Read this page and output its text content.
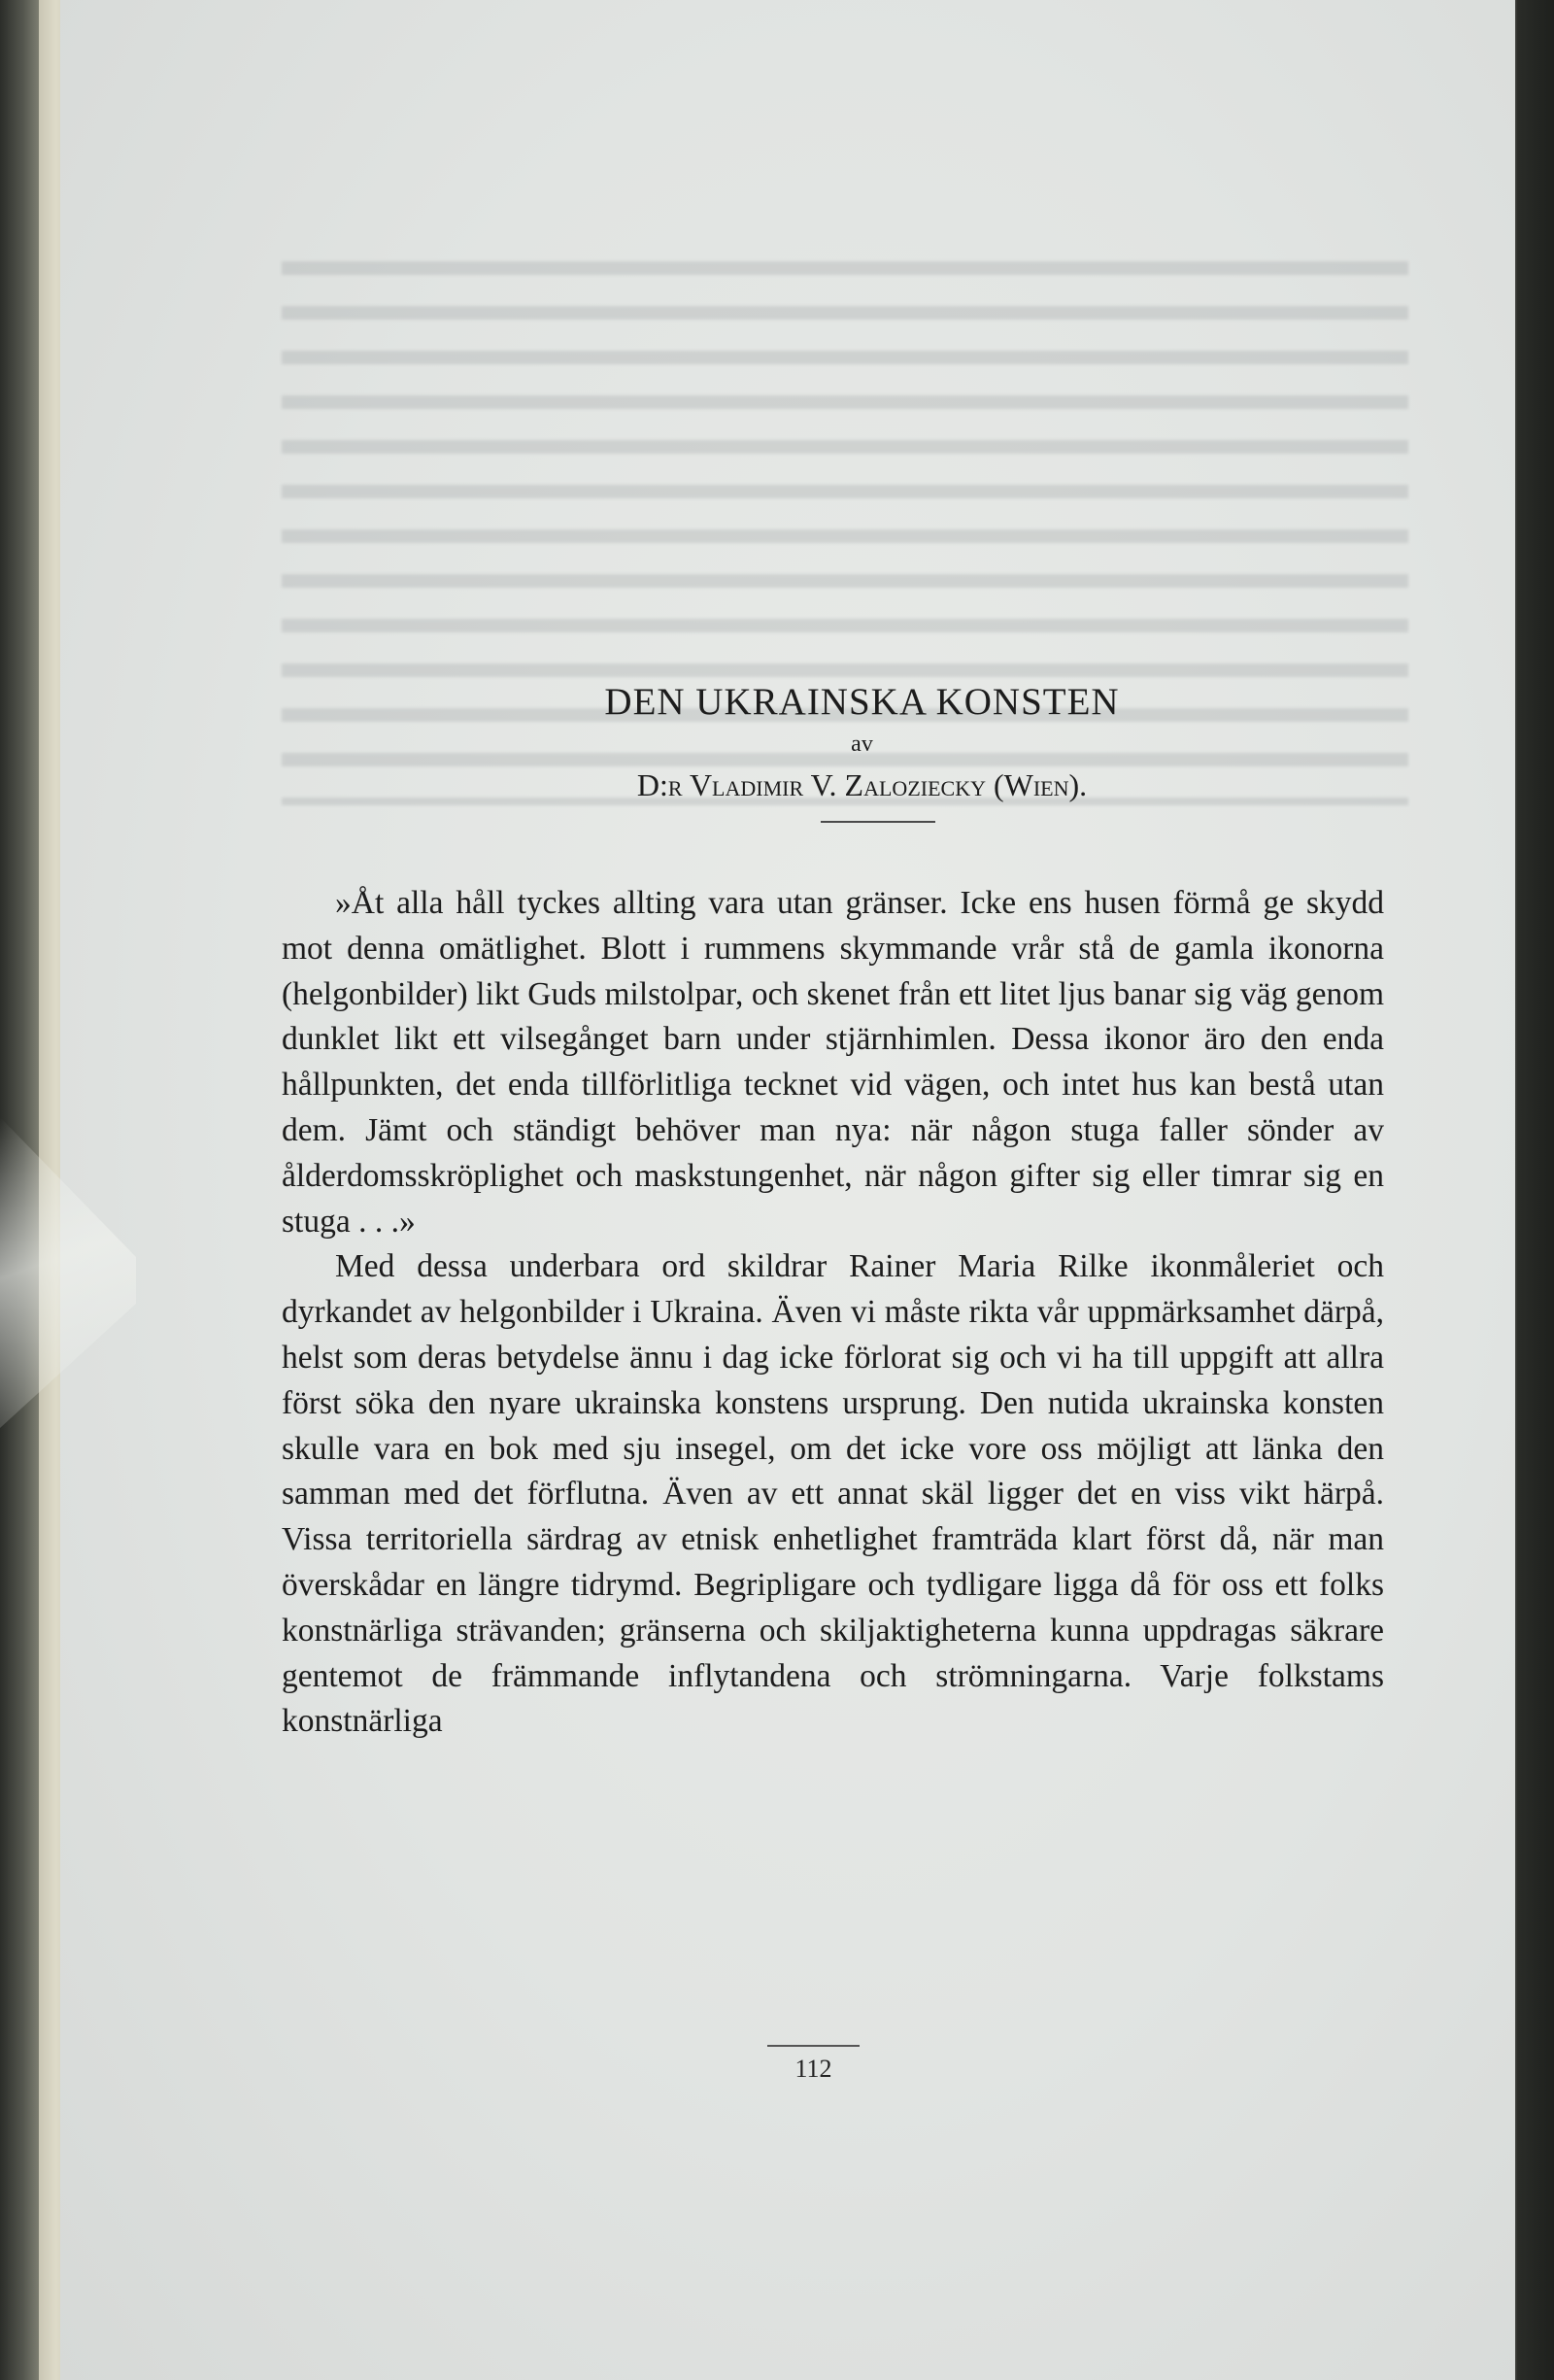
DEN UKRAINSKA KONSTEN
av
D:r Vladimir V. Zaloziecky (Wien).

»Åt alla håll tyckes allting vara utan gränser. Icke ens husen förmå ge skydd mot denna omätlighet. Blott i rummens skymmande vrår stå de gamla ikonorna (helgonbilder) likt Guds milstolpar, och skenet från ett litet ljus banar sig väg genom dunklet likt ett vilsegånget barn under stjärnhimlen. Dessa ikonor äro den enda hållpunkten, det enda tillförlitliga tecknet vid vägen, och intet hus kan bestå utan dem. Jämt och ständigt behöver man nya: när någon stuga faller sönder av ålderdomsskröplighet och maskstungenhet, när någon gifter sig eller timrar sig en stuga . . .»

Med dessa underbara ord skildrar Rainer Maria Rilke ikonmåleriet och dyrkandet av helgonbilder i Ukraina. Även vi måste rikta vår uppmärksamhet därpå, helst som deras betydelse ännu i dag icke förlorat sig och vi ha till uppgift att allra först söka den nyare ukrainska konstens ursprung. Den nutida ukrainska konsten skulle vara en bok med sju insegel, om det icke vore oss möjligt att länka den samman med det förflutna. Även av ett annat skäl ligger det en viss vikt härpå. Vissa territoriella särdrag av etnisk enhetlighet framträda klart först då, när man överskådar en längre tidrymd. Begripligare och tydligare ligga då för oss ett folks konstnärliga strävanden; gränserna och skiljaktigheterna kunna uppdragas säkrare gentemot de främmande inflytandena och strömningarna. Varje folkstams konstnärliga

112
